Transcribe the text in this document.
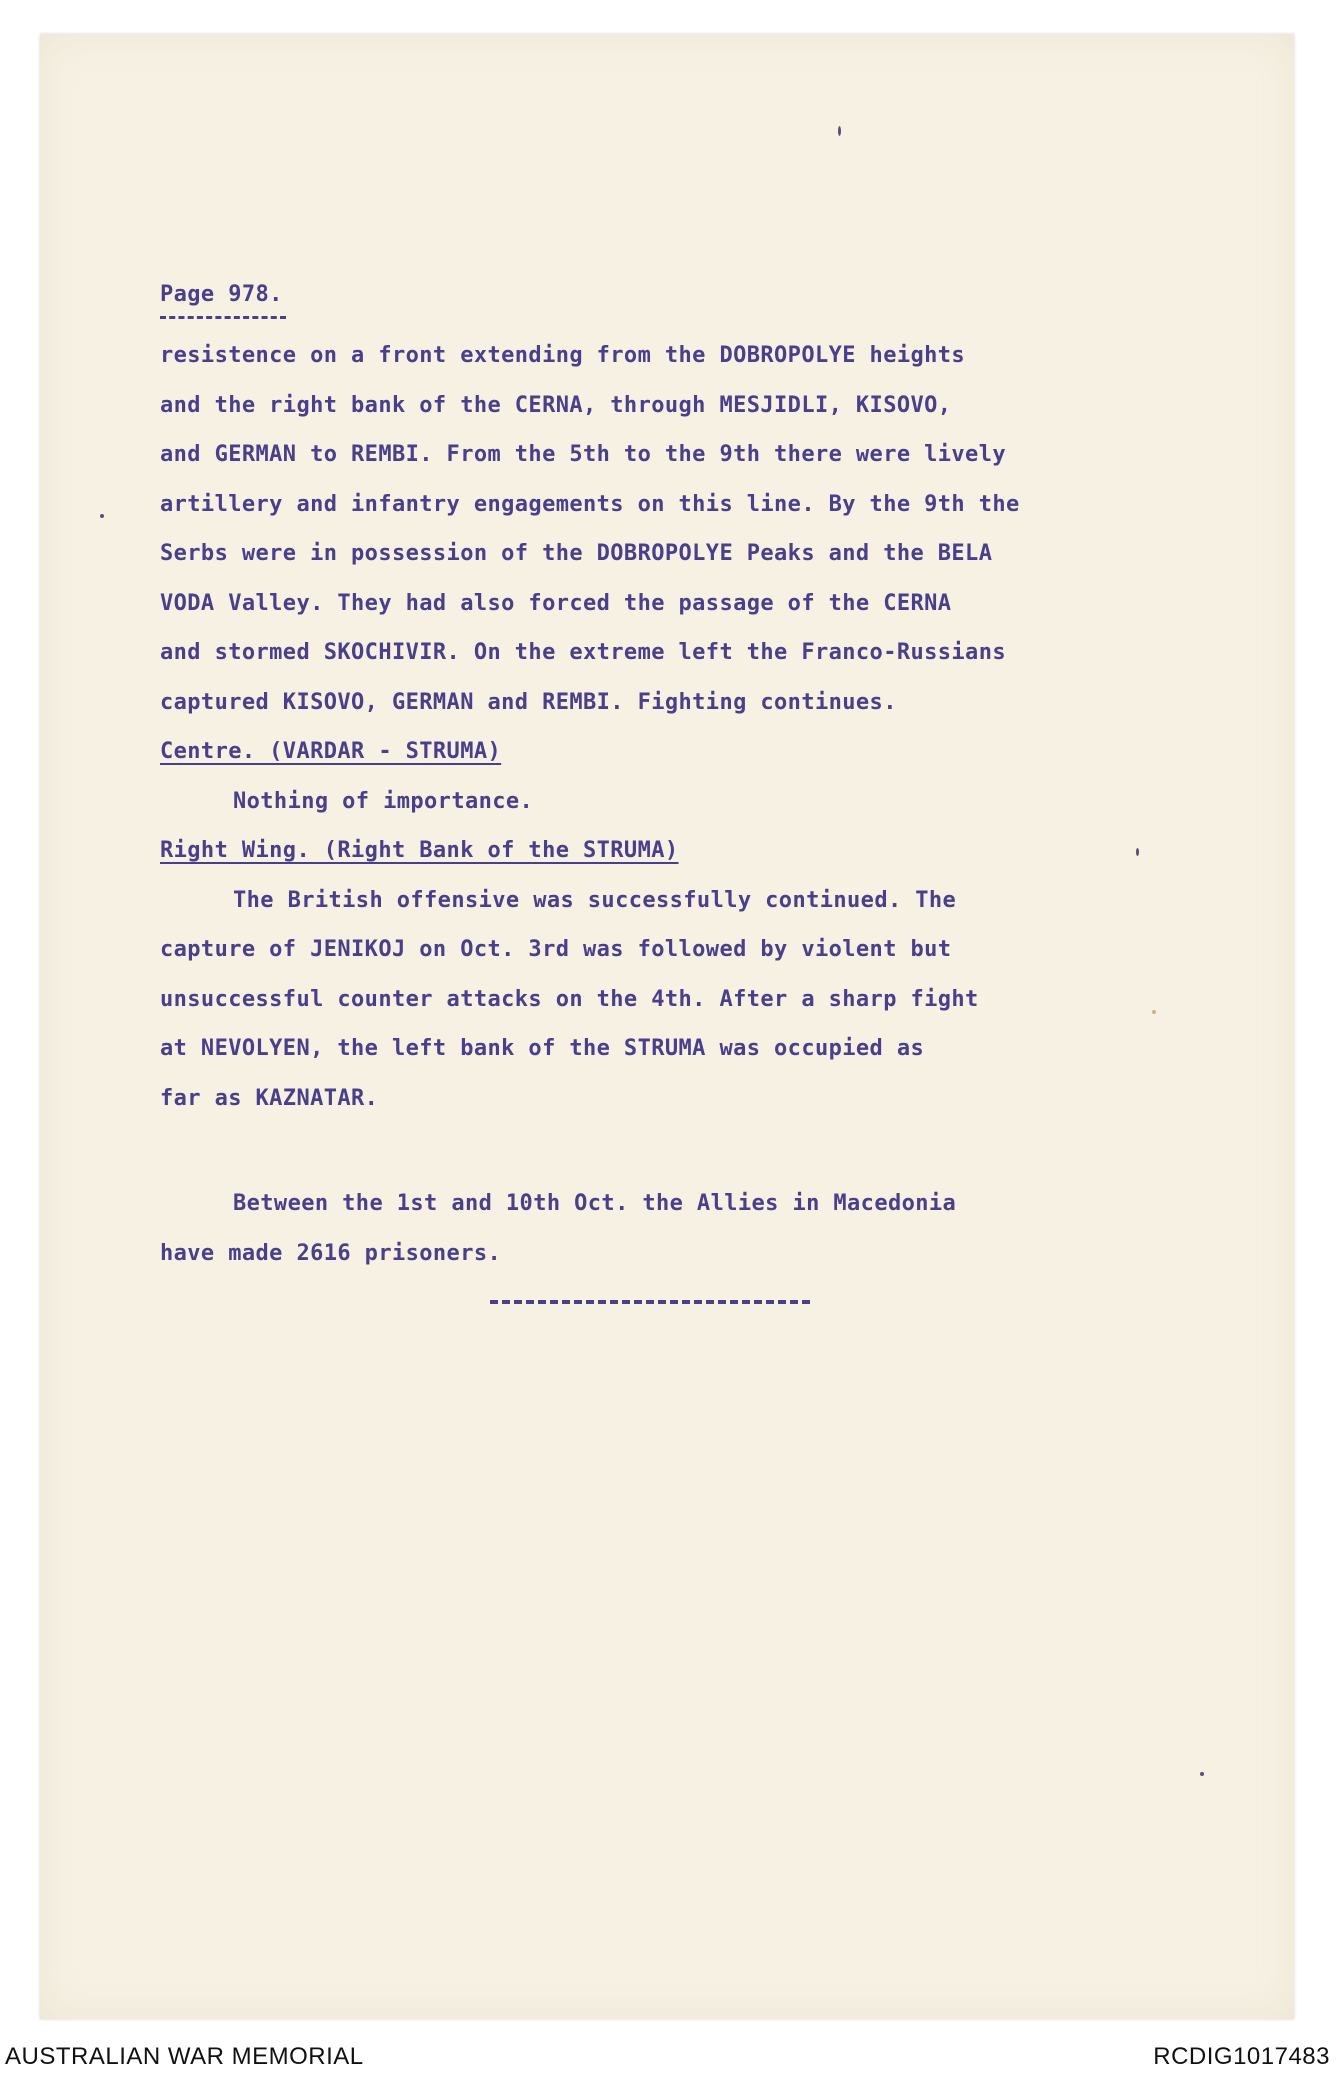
Page 978.
resistence on a front extending from the DOBROPOLYE heights
and the right bank of the CERNA, through MESJIDLI, KISOVO,
and GERMAN to REMBI. From the 5th to the 9th there were lively
artillery and infantry engagements on this line. By the 9th the
Serbs were in possession of the DOBROPOLYE Peaks and the BELA
VODA Valley. They had also forced the passage of the CERNA
and stormed SKOCHIVIR. On the extreme left the Franco-Russians
captured KISOVO, GERMAN and REMBI. Fighting continues.
Centre. (VARDAR - STRUMA)
Nothing of importance.
Right Wing. (Right Bank of the STRUMA)
The British offensive was successfully continued. The
capture of JENIKOJ on Oct. 3rd was followed by violent but
unsuccessful counter attacks on the 4th. After a sharp fight
at NEVOLYEN, the left bank of the STRUMA was occupied as
far as KAZNATAR.
Between the 1st and 10th Oct. the Allies in Macedonia
have made 2616 prisoners.
AUSTRALIAN WAR MEMORIAL	RCDIG1017483
